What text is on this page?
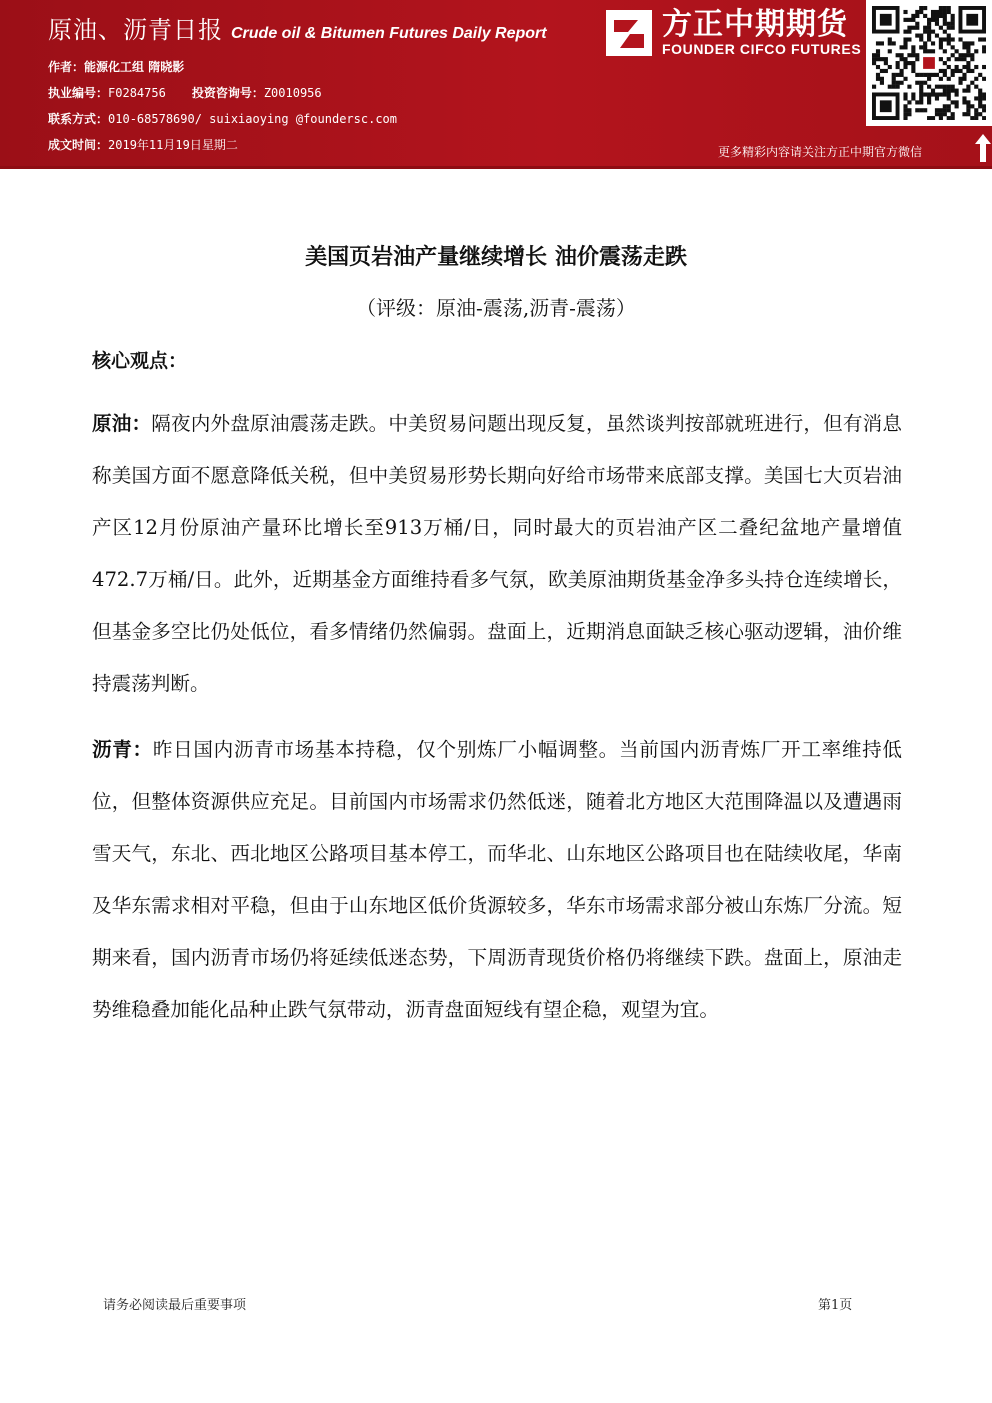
原油、沥青日报 Crude oil & Bitumen Futures Daily Report
作者：能源化工组 隋晓影
执业编号：F0284756 投资咨询号：Z0010956
联系方式：010-68578690/ suixiaoying @foundersc.com
成文时间：2019年11月19日星期二
方正中期期货
FOUNDER CIFCO FUTURES
更多精彩内容请关注方正中期官方微信
美国页岩油产量继续增长 油价震荡走跌
（评级：原油-震荡,沥青-震荡）
核心观点：
原油：隔夜内外盘原油震荡走跌。中美贸易问题出现反复，虽然谈判按部就班进行，但有消息称美国方面不愿意降低关税，但中美贸易形势长期向好给市场带来底部支撑。美国七大页岩油产区12月份原油产量环比增长至913万桶/日，同时最大的页岩油产区二叠纪盆地产量增值472.7万桶/日。此外，近期基金方面维持看多气氛，欧美原油期货基金净多头持仓连续增长，但基金多空比仍处低位，看多情绪仍然偏弱。盘面上，近期消息面缺乏核心驱动逻辑，油价维持震荡判断。
沥青：昨日国内沥青市场基本持稳，仅个别炼厂小幅调整。当前国内沥青炼厂开工率维持低位，但整体资源供应充足。目前国内市场需求仍然低迷，随着北方地区大范围降温以及遭遇雨雪天气，东北、西北地区公路项目基本停工，而华北、山东地区公路项目也在陆续收尾，华南及华东需求相对平稳，但由于山东地区低价货源较多，华东市场需求部分被山东炼厂分流。短期来看，国内沥青市场仍将延续低迷态势，下周沥青现货价格仍将继续下跌。盘面上，原油走势维稳叠加能化品种止跌气氛带动，沥青盘面短线有望企稳，观望为宜。
请务必阅读最后重要事项	第1页
